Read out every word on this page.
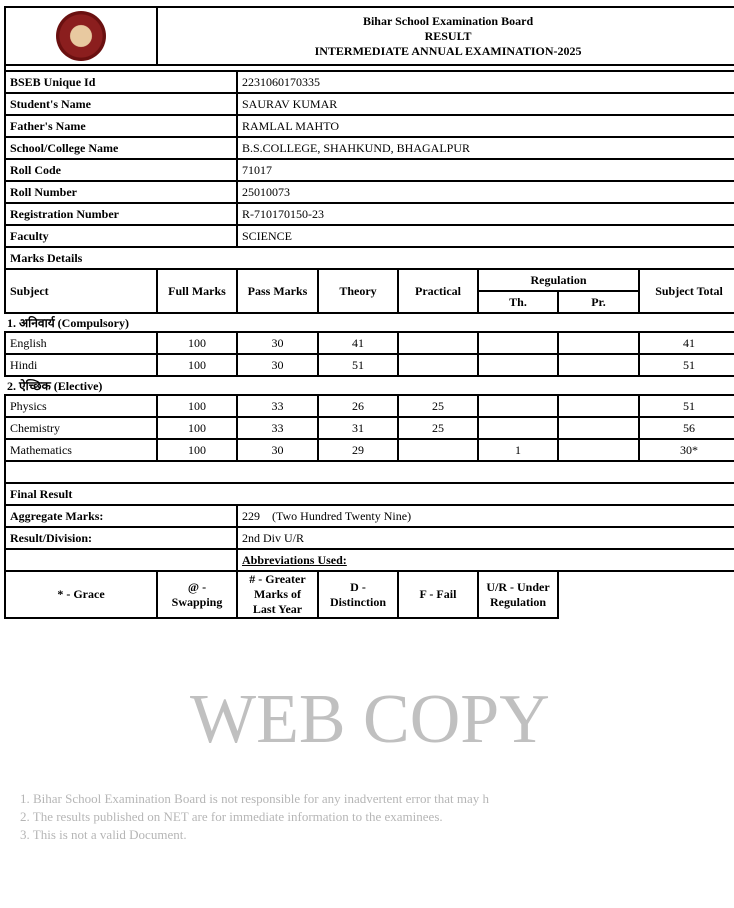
	Bihar School Examination Board
RESULT
INTERMEDIATE ANNUAL EXAMINATION-2025						

BSEB Unique Id		2231060170335					
Student's Name		SAURAV KUMAR					
Father's Name		RAMLAL MAHTO					
School/College Name		B.S.COLLEGE, SHAHKUND, BHAGALPUR					
Roll Code		71017					
Roll Number		25010073					
Registration Number		R-710170150-23					
Faculty		SCIENCE					
Marks Details							
Subject	Full Marks	Pass Marks	Theory	Practical	Regulation		Subject Total
					Th.	Pr.	
1. अनिवार्य (Compulsory)							
English	100	30	41				41
Hindi	100	30	51				51
2. ऐच्छिक (Elective)							
Physics	100	33	26	25			51
Chemistry	100	33	31	25			56
Mathematics	100	30	29		1		30*

Final Result							
Aggregate Marks:		229 (Two Hundred Twenty Nine)					
Result/Division:		2nd Div U/R					
		Abbreviations Used:					
* - Grace	@ - Swapping	# - Greater Marks of Last Year	D - Distinction	F - Fail	U/R - Under Regulation		
WEB COPY
1. Bihar School Examination Board is not responsible for any inadvertent error that may h
2. The results published on NET are for immediate information to the examinees.
3. This is not a valid Document.
